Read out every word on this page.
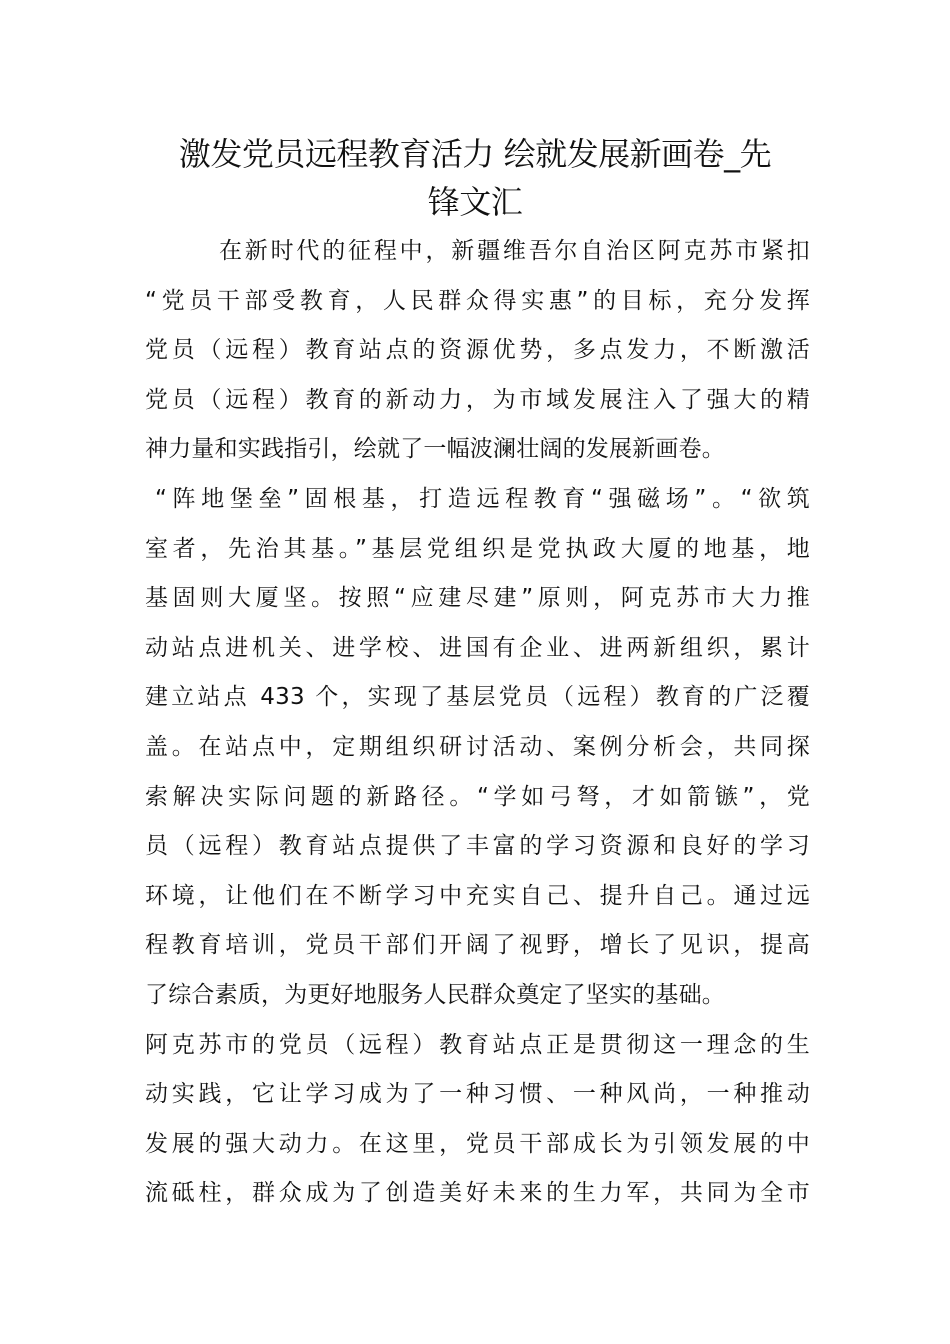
激发党员远程教育活力 绘就发展新画卷_先
锋文汇
在新时代的征程中，新疆维吾尔自治区阿克苏市紧扣
“党员干部受教育，人民群众得实惠”的目标，充分发挥
党员（远程）教育站点的资源优势，多点发力，不断激活
党员（远程）教育的新动力，为市域发展注入了强大的精
神力量和实践指引，绘就了一幅波澜壮阔的发展新画卷。
“阵地堡垒”固根基，打造远程教育“强磁场”。“欲筑
室者，先治其基。”基层党组织是党执政大厦的地基，地
基固则大厦坚。按照“应建尽建”原则，阿克苏市大力推
动站点进机关、进学校、进国有企业、进两新组织，累计
建立站点 433 个，实现了基层党员（远程）教育的广泛覆
盖。在站点中，定期组织研讨活动、案例分析会，共同探
索解决实际问题的新路径。“学如弓弩，才如箭镞”，党
员（远程）教育站点提供了丰富的学习资源和良好的学习
环境，让他们在不断学习中充实自己、提升自己。通过远
程教育培训，党员干部们开阔了视野，增长了见识，提高
了综合素质，为更好地服务人民群众奠定了坚实的基础。
阿克苏市的党员（远程）教育站点正是贯彻这一理念的生
动实践，它让学习成为了一种习惯、一种风尚，一种推动
发展的强大动力。在这里，党员干部成长为引领发展的中
流砥柱，群众成为了创造美好未来的生力军，共同为全市
